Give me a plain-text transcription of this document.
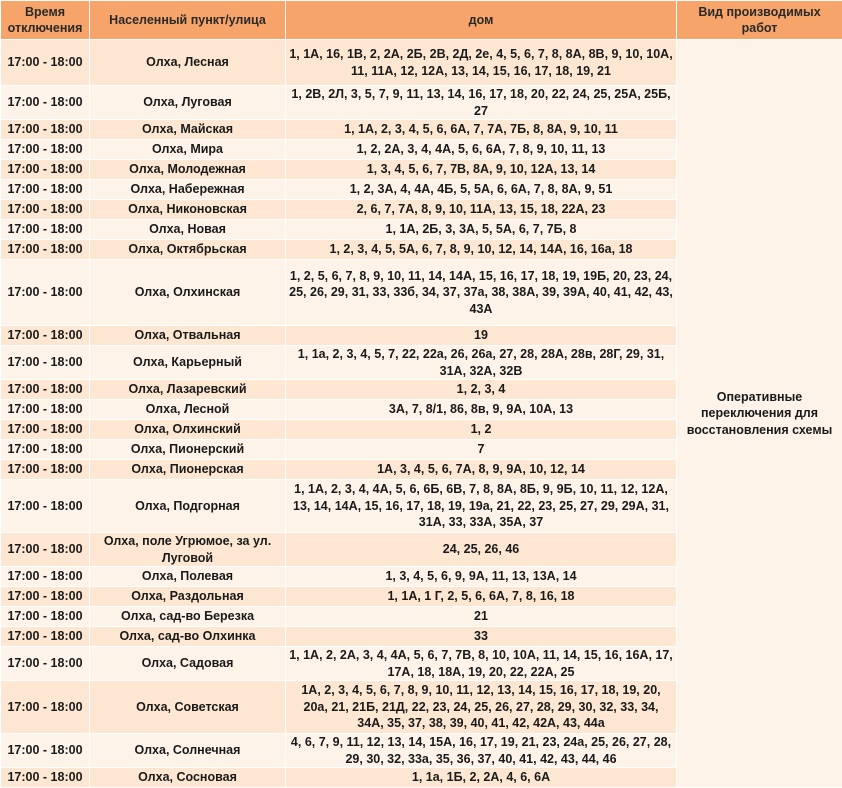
Время отключения	Населенный пункт/улица	дом	Вид производимых работ
17:00 - 18:00	Олха, Лесная	1, 1А, 16, 1В, 2, 2А, 2Б, 2В, 2Д, 2е, 4, 5, 6, 7, 8, 8А, 8В, 9, 10, 10А, 11, 11А, 12, 12А, 13, 14, 15, 16, 17, 18, 19, 21	Оперативные переключения для восстановления схемы
17:00 - 18:00	Олха, Луговая	1, 2В, 2Л, 3, 5, 7, 9, 11, 13, 14, 16, 17, 18, 20, 22, 24, 25, 25А, 25Б, 27	
17:00 - 18:00	Олха, Майская	1, 1А, 2, 3, 4, 5, 6, 6А, 7, 7А, 7Б, 8, 8А, 9, 10, 11	
17:00 - 18:00	Олха, Мира	1, 2, 2А, 3, 4, 4А, 5, 6, 6А, 7, 8, 9, 10, 11, 13	
17:00 - 18:00	Олха, Молодежная	1, 3, 4, 5, 6, 7, 7В, 8А, 9, 10, 12А, 13, 14	
17:00 - 18:00	Олха, Набережная	1, 2, 3А, 4, 4А, 4Б, 5, 5А, 6, 6А, 7, 8, 8А, 9, 51	
17:00 - 18:00	Олха, Никоновская	2, 6, 7, 7А, 8, 9, 10, 11А, 13, 15, 18, 22А, 23	
17:00 - 18:00	Олха, Новая	1, 1А, 2Б, 3, 3А, 5, 5А, 6, 7, 7Б, 8	
17:00 - 18:00	Олха, Октябрьская	1, 2, 3, 4, 5, 5А, 6, 7, 8, 9, 10, 12, 14, 14А, 16, 16а, 18	
17:00 - 18:00	Олха, Олхинская	1, 2, 5, 6, 7, 8, 9, 10, 11, 14, 14А, 15, 16, 17, 18, 19, 19Б, 20, 23, 24, 25, 26, 29, 31, 33, 33б, 34, 37, 37а, 38, 38А, 39, 39А, 40, 41, 42, 43, 43А	
17:00 - 18:00	Олха, Отвальная	19	
17:00 - 18:00	Олха, Карьерный	1, 1а, 2, 3, 4, 5, 7, 22, 22а, 26, 26а, 27, 28, 28А, 28в, 28Г, 29, 31, 31А, 32А, 32В	
17:00 - 18:00	Олха, Лазаревский	1, 2, 3, 4	
17:00 - 18:00	Олха, Лесной	3А, 7, 8/1, 86, 8в, 9, 9А, 10А, 13	
17:00 - 18:00	Олха, Олхинский	1, 2	
17:00 - 18:00	Олха, Пионерский	7	
17:00 - 18:00	Олха, Пионерская	1А, 3, 4, 5, 6, 7А, 8, 9, 9А, 10, 12, 14	
17:00 - 18:00	Олха, Подгорная	1, 1А, 2, 3, 4, 4А, 5, 6, 6Б, 6В, 7, 8, 8А, 8Б, 9, 9Б, 10, 11, 12, 12А, 13, 14, 14А, 15, 16, 17, 18, 19, 19а, 21, 22, 23, 25, 27, 29, 29А, 31, 31А, 33, 33А, 35А, 37	
17:00 - 18:00	Олха, поле Угрюмое, за ул. Луговой	24, 25, 26, 46	
17:00 - 18:00	Олха, Полевая	1, 3, 4, 5, 6, 9, 9А, 11, 13, 13А, 14	
17:00 - 18:00	Олха, Раздольная	1, 1А, 1 Г, 2, 5, 6, 6А, 7, 8, 16, 18	
17:00 - 18:00	Олха, сад-во Березка	21	
17:00 - 18:00	Олха, сад-во Олхинка	33	
17:00 - 18:00	Олха, Садовая	1, 1А, 2, 2А, 3, 4, 4А, 5, 6, 7, 7В, 8, 10, 10А, 11, 14, 15, 16, 16А, 17, 17А, 18, 18А, 19, 20, 22, 22А, 25	
17:00 - 18:00	Олха, Советская	1А, 2, 3, 4, 5, 6, 7, 8, 9, 10, 11, 12, 13, 14, 15, 16, 17, 18, 19, 20, 20а, 21, 21Б, 21Д, 22, 23, 24, 25, 26, 27, 28, 29, 30, 32, 33, 34, 34А, 35, 37, 38, 39, 40, 41, 42, 42А, 43, 44а	
17:00 - 18:00	Олха, Солнечная	4, 6, 7, 9, 11, 12, 13, 14, 15А, 16, 17, 19, 21, 23, 24а, 25, 26, 27, 28, 29, 30, 32, 33а, 35, 36, 37, 40, 41, 42, 43, 44, 46	
17:00 - 18:00	Олха, Сосновая	1, 1а, 1Б, 2, 2А, 4, 6, 6А	
